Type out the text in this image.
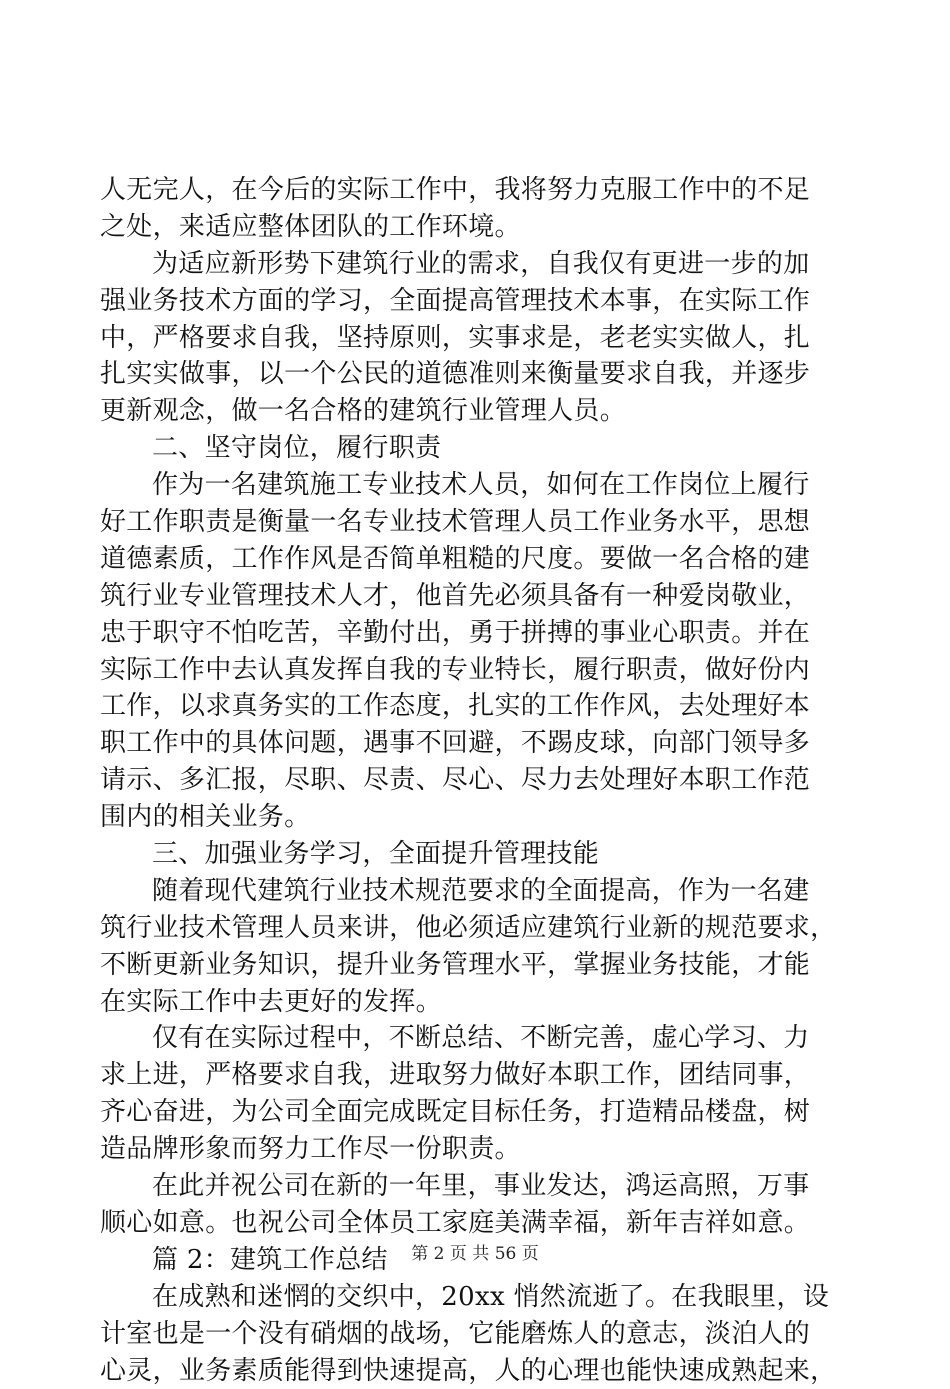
人无完人，在今后的实际工作中，我将努力克服工作中的不足
之处，来适应整体团队的工作环境。
为适应新形势下建筑行业的需求，自我仅有更进一步的加
强业务技术方面的学习，全面提高管理技术本事，在实际工作
中，严格要求自我，坚持原则，实事求是，老老实实做人，扎
扎实实做事，以一个公民的道德准则来衡量要求自我，并逐步
更新观念，做一名合格的建筑行业管理人员。
二、坚守岗位，履行职责
作为一名建筑施工专业技术人员，如何在工作岗位上履行
好工作职责是衡量一名专业技术管理人员工作业务水平，思想
道德素质，工作作风是否简单粗糙的尺度。要做一名合格的建
筑行业专业管理技术人才，他首先必须具备有一种爱岗敬业，
忠于职守不怕吃苦，辛勤付出，勇于拼搏的事业心职责。并在
实际工作中去认真发挥自我的专业特长，履行职责，做好份内
工作，以求真务实的工作态度，扎实的工作作风，去处理好本
职工作中的具体问题，遇事不回避，不踢皮球，向部门领导多
请示、多汇报，尽职、尽责、尽心、尽力去处理好本职工作范
围内的相关业务。
三、加强业务学习，全面提升管理技能
随着现代建筑行业技术规范要求的全面提高，作为一名建
筑行业技术管理人员来讲，他必须适应建筑行业新的规范要求，
不断更新业务知识，提升业务管理水平，掌握业务技能，才能
在实际工作中去更好的发挥。
仅有在实际过程中，不断总结、不断完善，虚心学习、力
求上进，严格要求自我，进取努力做好本职工作，团结同事，
齐心奋进，为公司全面完成既定目标任务，打造精品楼盘，树
造品牌形象而努力工作尽一份职责。
在此并祝公司在新的一年里，事业发达，鸿运高照，万事
顺心如意。也祝公司全体员工家庭美满幸福，新年吉祥如意。
篇 2：建筑工作总结
在成熟和迷惘的交织中，20xx 悄然流逝了。在我眼里，设
计室也是一个没有硝烟的战场，它能磨炼人的意志，淡泊人的
心灵，业务素质能得到快速提高，人的心理也能快速成熟起来，
第 2 页 共 56 页
